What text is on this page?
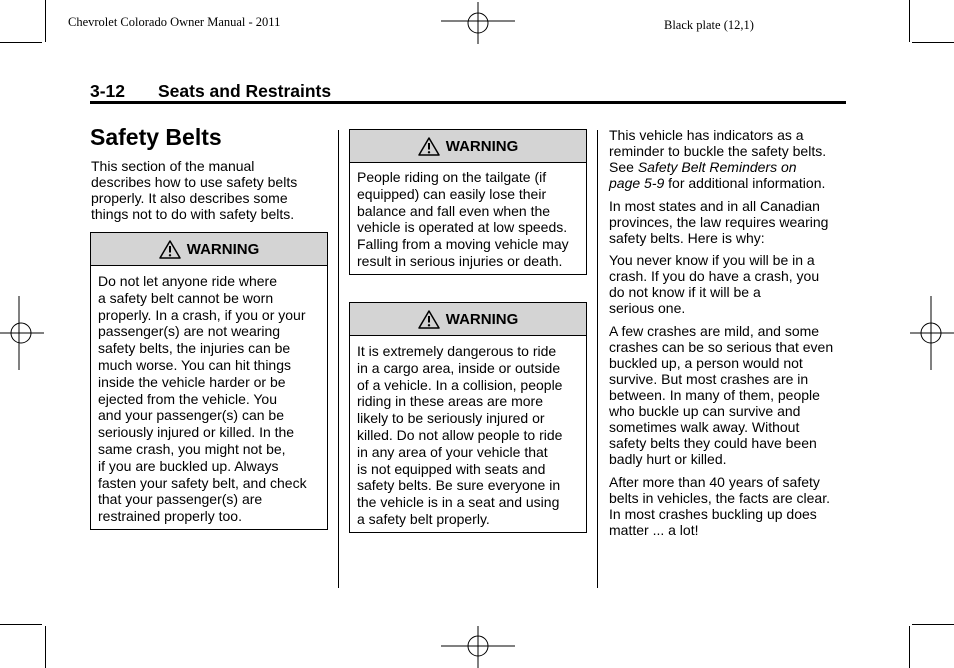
Chevrolet Colorado Owner Manual - 2011	Black plate (12,1)
3-12 Seats and Restraints
Safety Belts

This section of the manual
describes how to use safety belts
properly. It also describes some
things not to do with safety belts.

WARNING
Do not let anyone ride where
a safety belt cannot be worn
properly. In a crash, if you or your
passenger(s) are not wearing
safety belts, the injuries can be
much worse. You can hit things
inside the vehicle harder or be
ejected from the vehicle. You
and your passenger(s) can be
seriously injured or killed. In the
same crash, you might not be,
if you are buckled up. Always
fasten your safety belt, and check
that your passenger(s) are
restrained properly too.
WARNING
People riding on the tailgate (if
equipped) can easily lose their
balance and fall even when the
vehicle is operated at low speeds.
Falling from a moving vehicle may
result in serious injuries or death.
WARNING
It is extremely dangerous to ride
in a cargo area, inside or outside
of a vehicle. In a collision, people
riding in these areas are more
likely to be seriously injured or
killed. Do not allow people to ride
in any area of your vehicle that
is not equipped with seats and
safety belts. Be sure everyone in
the vehicle is in a seat and using
a safety belt properly.

This vehicle has indicators as a
reminder to buckle the safety belts.
See Safety Belt Reminders on
page 5-9 for additional information.

In most states and in all Canadian
provinces, the law requires wearing
safety belts. Here is why:

You never know if you will be in a
crash. If you do have a crash, you
do not know if it will be a
serious one.

A few crashes are mild, and some
crashes can be so serious that even
buckled up, a person would not
survive. But most crashes are in
between. In many of them, people
who buckle up can survive and
sometimes walk away. Without
safety belts they could have been
badly hurt or killed.

After more than 40 years of safety
belts in vehicles, the facts are clear.
In most crashes buckling up does
matter ... a lot!
